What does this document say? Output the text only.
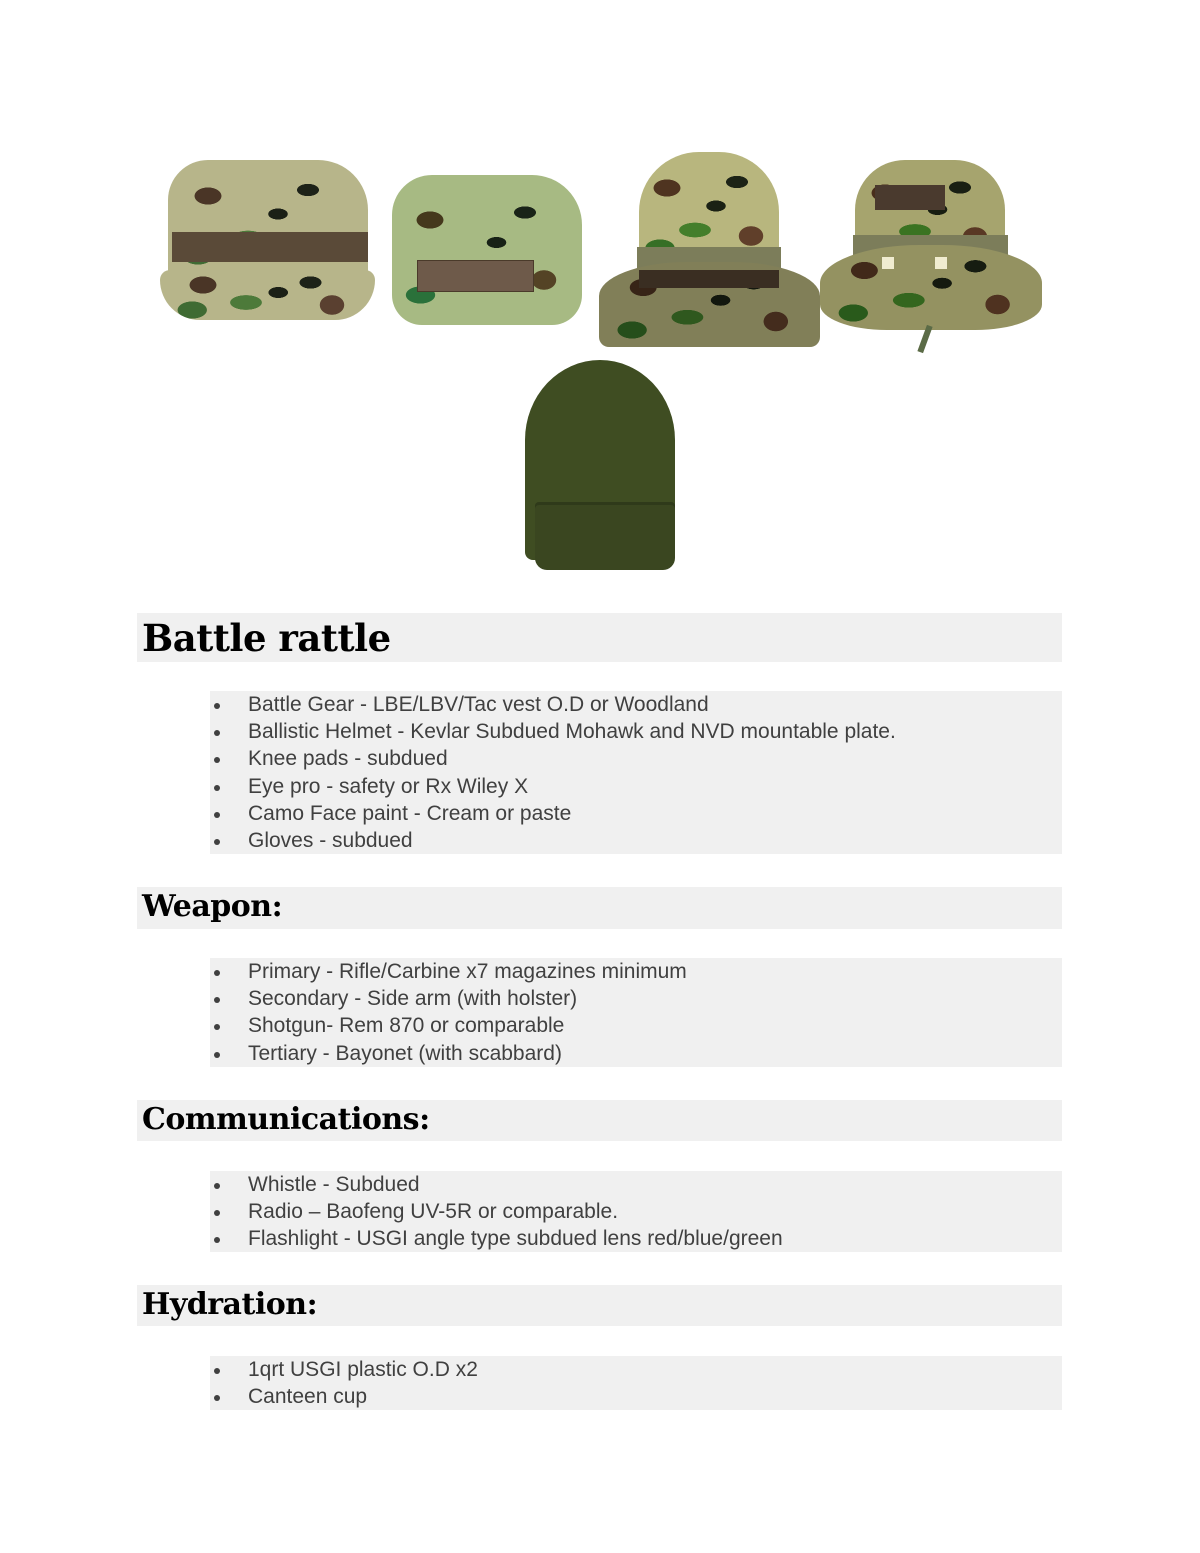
Battle rattle
Battle Gear - LBE/LBV/Tac vest O.D or Woodland
Ballistic Helmet - Kevlar Subdued Mohawk and NVD mountable plate.
Knee pads - subdued
Eye pro - safety or Rx Wiley X
Camo Face paint - Cream or paste
Gloves - subdued
Weapon:
Primary - Rifle/Carbine x7 magazines minimum
Secondary - Side arm (with holster)
Shotgun- Rem 870 or comparable
Tertiary - Bayonet (with scabbard)
Communications:
Whistle - Subdued
Radio – Baofeng UV-5R or comparable.
Flashlight - USGI angle type subdued lens red/blue/green
Hydration:
1qrt USGI plastic O.D x2
Canteen cup
